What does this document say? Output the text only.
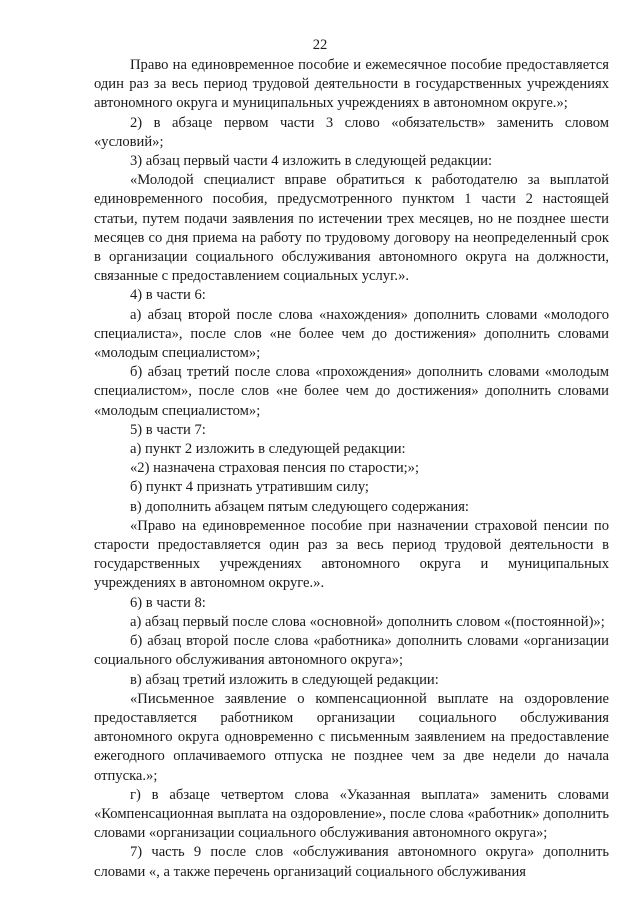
22

Право на единовременное пособие и ежемесячное пособие предоставляется один раз за весь период трудовой деятельности в государственных учреждениях автономного округа и муниципальных учреждениях в автономном округе.»;

2) в абзаце первом части 3 слово «обязательств» заменить словом «условий»;

3) абзац первый части 4 изложить в следующей редакции:

«Молодой специалист вправе обратиться к работодателю за выплатой единовременного пособия, предусмотренного пунктом 1 части 2 настоящей статьи, путем подачи заявления по истечении трех месяцев, но не позднее шести месяцев со дня приема на работу по трудовому договору на неопределенный срок в организации социального обслуживания автономного округа на должности, связанные с предоставлением социальных услуг.».

4) в части 6:

а) абзац второй после слова «нахождения» дополнить словами «молодого специалиста», после слов «не более чем до достижения» дополнить словами «молодым специалистом»;

б) абзац третий после слова «прохождения» дополнить словами «молодым специалистом», после слов «не более чем до достижения» дополнить словами «молодым специалистом»;

5) в части 7:

а) пункт 2 изложить в следующей редакции:

«2) назначена страховая пенсия по старости;»;

б) пункт 4 признать утратившим силу;

в) дополнить абзацем пятым следующего содержания:

«Право на единовременное пособие при назначении страховой пенсии по старости предоставляется один раз за весь период трудовой деятельности в государственных учреждениях автономного округа и муниципальных учреждениях в автономном округе.».

6) в части 8:

а) абзац первый после слова «основной» дополнить словом «(постоянной)»;

б) абзац второй после слова «работника» дополнить словами «организации социального обслуживания автономного округа»;

в) абзац третий изложить в следующей редакции:

«Письменное заявление о компенсационной выплате на оздоровление предоставляется работником организации социального обслуживания автономного округа одновременно с письменным заявлением на предоставление ежегодного оплачиваемого отпуска не позднее чем за две недели до начала отпуска.»;

г) в абзаце четвертом слова «Указанная выплата» заменить словами «Компенсационная выплата на оздоровление», после слова «работник» дополнить словами «организации социального обслуживания автономного округа»;

7) часть 9 после слов «обслуживания автономного округа» дополнить словами «, а также перечень организаций социального обслуживания
